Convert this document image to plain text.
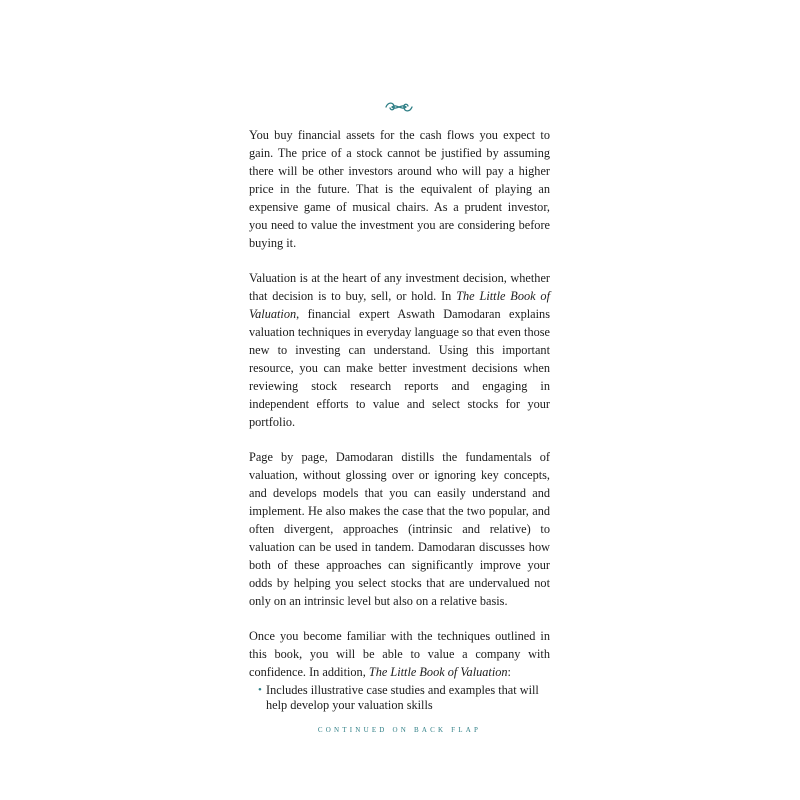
You buy financial assets for the cash flows you expect to gain. The price of a stock cannot be justified by assuming there will be other investors around who will pay a higher price in the future. That is the equivalent of playing an expensive game of musical chairs. As a prudent investor, you need to value the investment you are considering before buying it.

Valuation is at the heart of any investment decision, whether that decision is to buy, sell, or hold. In The Little Book of Valuation, financial expert Aswath Damodaran explains valuation techniques in everyday language so that even those new to investing can understand. Using this important resource, you can make better investment decisions when reviewing stock research reports and engaging in independent efforts to value and select stocks for your portfolio.

Page by page, Damodaran distills the fundamentals of valuation, without glossing over or ignoring key concepts, and develops models that you can easily understand and implement. He also makes the case that the two popular, and often divergent, approaches (intrinsic and relative) to valuation can be used in tandem. Damodaran discusses how both of these approaches can significantly improve your odds by helping you select stocks that are undervalued not only on an intrinsic level but also on a relative basis.

Once you become familiar with the techniques outlined in this book, you will be able to value a company with confidence. In addition, The Little Book of Valuation:

• Includes illustrative case studies and examples that will help develop your valuation skills
CONTINUED ON BACK FLAP
